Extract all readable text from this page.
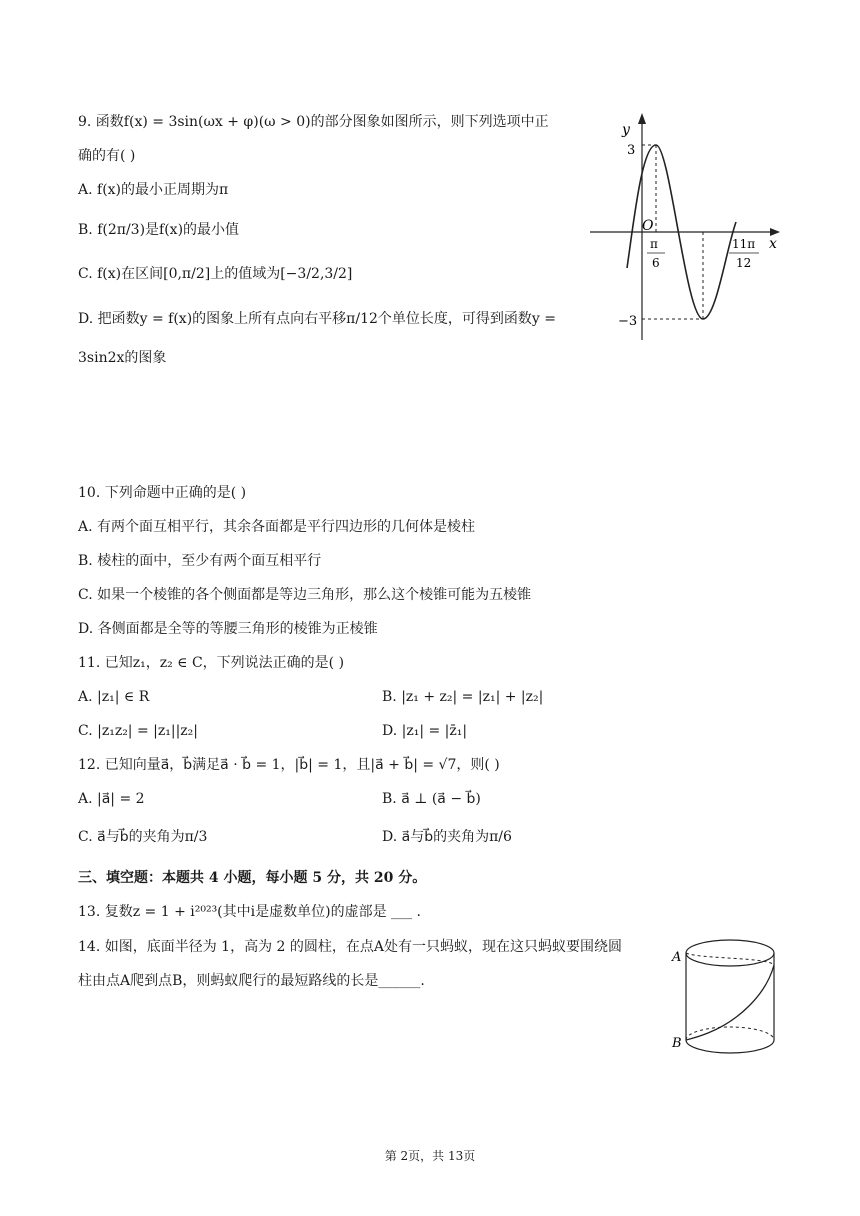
9. 函数f(x) = 3sin(ωx + φ)(ω > 0)的部分图象如图所示，则下列选项中正
确的有( )
A. f(x)的最小正周期为π
B. f(2π/3)是f(x)的最小值
C. f(x)在区间[0,π/2]上的值域为[−3/2,3/2]
D. 把函数y = f(x)的图象上所有点向右平移π/12个单位长度，可得到函数y =
3sin2x的图象
y
x
O
3
−3
π
6
11π
12
10. 下列命题中正确的是( )
A. 有两个面互相平行，其余各面都是平行四边形的几何体是棱柱
B. 棱柱的面中，至少有两个面互相平行
C. 如果一个棱锥的各个侧面都是等边三角形，那么这个棱锥可能为五棱锥
D. 各侧面都是全等的等腰三角形的棱锥为正棱锥
11. 已知z₁，z₂ ∈ C，下列说法正确的是( )
A. |z₁| ∈ R	B. |z₁ + z₂| = |z₁| + |z₂|
C. |z₁z₂| = |z₁||z₂|	D. |z₁| = |z̄₁|
12. 已知向量a⃗，b⃗满足a⃗ · b⃗ = 1，|b⃗| = 1，且|a⃗ + b⃗| = √7，则( )
A. |a⃗| = 2	B. a⃗ ⊥ (a⃗ − b⃗)
C. a⃗与b⃗的夹角为π/3	D. a⃗与b⃗的夹角为π/6
三、填空题：本题共 4 小题，每小题 5 分，共 20 分。
13. 复数z = 1 + i²⁰²³(其中i是虚数单位)的虚部是 ___ .
14. 如图，底面半径为 1，高为 2 的圆柱，在点A处有一只蚂蚁，现在这只蚂蚁要围绕圆
柱由点A爬到点B，则蚂蚁爬行的最短路线的长是______.
A
B
第 2页，共 13页
